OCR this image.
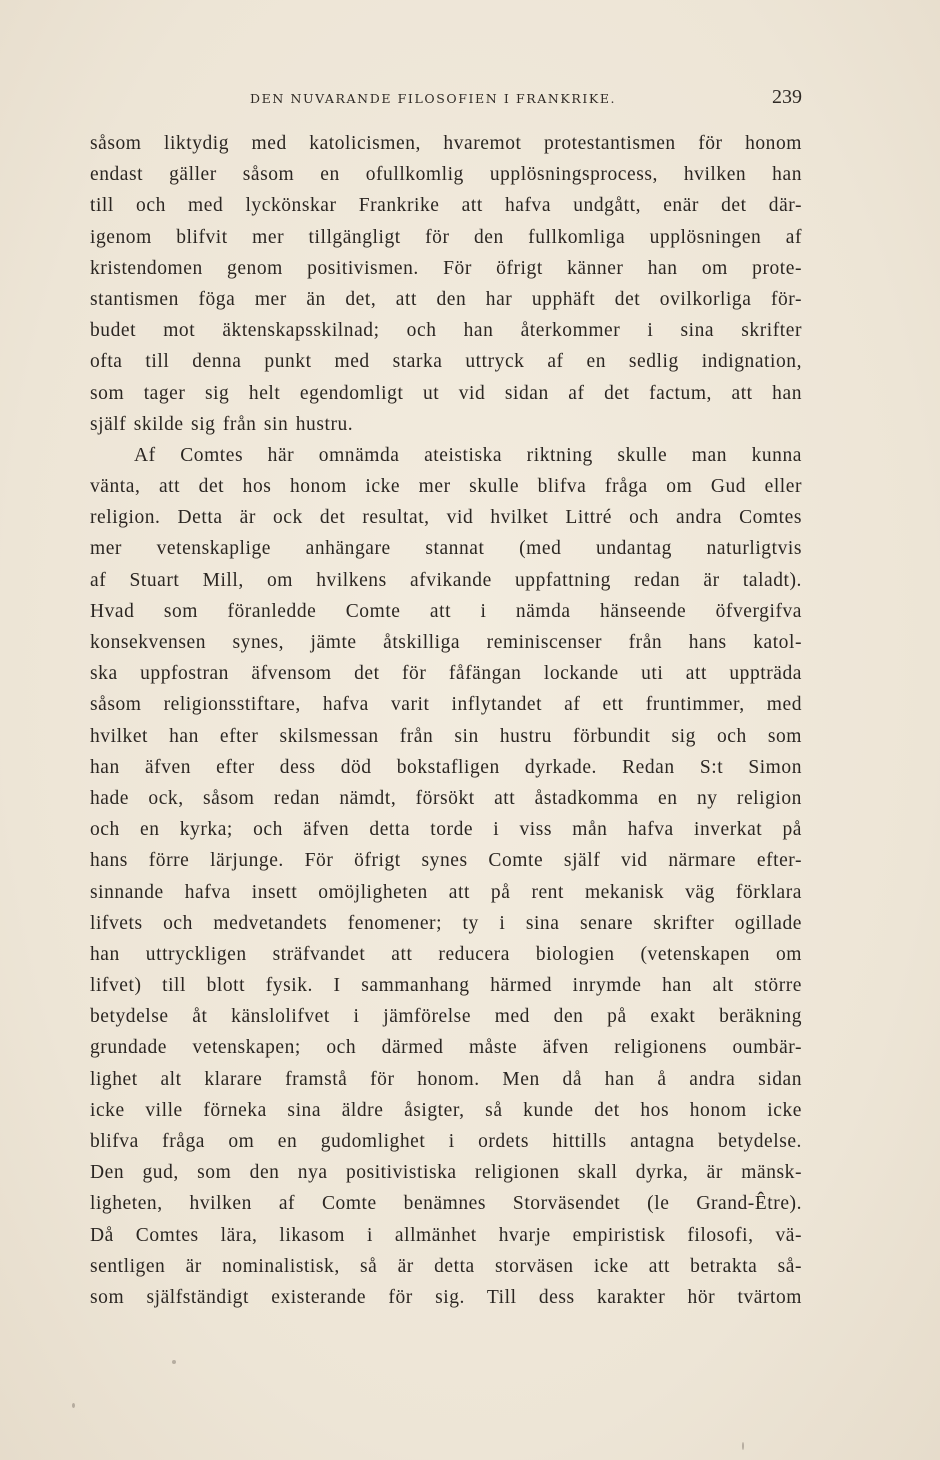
DEN NUVARANDE FILOSOFIEN I FRANKRIKE.	239
såsom liktydig med katolicismen, hvaremot protestantismen för honom
endast gäller såsom en ofullkomlig upplösningsprocess, hvilken han
till och med lyckönskar Frankrike att hafva undgått, enär det där-
igenom blifvit mer tillgängligt för den fullkomliga upplösningen af
kristendomen genom positivismen. För öfrigt känner han om prote-
stantismen föga mer än det, att den har upphäft det ovilkorliga för-
budet mot äktenskapsskilnad; och han återkommer i sina skrifter
ofta till denna punkt med starka uttryck af en sedlig indignation,
som tager sig helt egendomligt ut vid sidan af det factum, att han
själf skilde sig från sin hustru.
Af Comtes här omnämda ateistiska riktning skulle man kunna
vänta, att det hos honom icke mer skulle blifva fråga om Gud eller
religion. Detta är ock det resultat, vid hvilket Littré och andra Comtes
mer vetenskaplige anhängare stannat (med undantag naturligtvis
af Stuart Mill, om hvilkens afvikande uppfattning redan är taladt).
Hvad som föranledde Comte att i nämda hänseende öfvergifva
konsekvensen synes, jämte åtskilliga reminiscenser från hans katol-
ska uppfostran äfvensom det för fåfängan lockande uti att uppträda
såsom religionsstiftare, hafva varit inflytandet af ett fruntimmer, med
hvilket han efter skilsmessan från sin hustru förbundit sig och som
han äfven efter dess död bokstafligen dyrkade. Redan S:t Simon
hade ock, såsom redan nämdt, försökt att åstadkomma en ny religion
och en kyrka; och äfven detta torde i viss mån hafva inverkat på
hans förre lärjunge. För öfrigt synes Comte själf vid närmare efter-
sinnande hafva insett omöjligheten att på rent mekanisk väg förklara
lifvets och medvetandets fenomener; ty i sina senare skrifter ogillade
han uttryckligen sträfvandet att reducera biologien (vetenskapen om
lifvet) till blott fysik. I sammanhang härmed inrymde han alt större
betydelse åt känslolifvet i jämförelse med den på exakt beräkning
grundade vetenskapen; och därmed måste äfven religionens oumbär-
lighet alt klarare framstå för honom. Men då han å andra sidan
icke ville förneka sina äldre åsigter, så kunde det hos honom icke
blifva fråga om en gudomlighet i ordets hittills antagna betydelse.
Den gud, som den nya positivistiska religionen skall dyrka, är mänsk-
ligheten, hvilken af Comte benämnes Storväsendet (le Grand-Être).
Då Comtes lära, likasom i allmänhet hvarje empiristisk filosofi, vä-
sentligen är nominalistisk, så är detta storväsen icke att betrakta så-
som själfständigt existerande för sig. Till dess karakter hör tvärtom
